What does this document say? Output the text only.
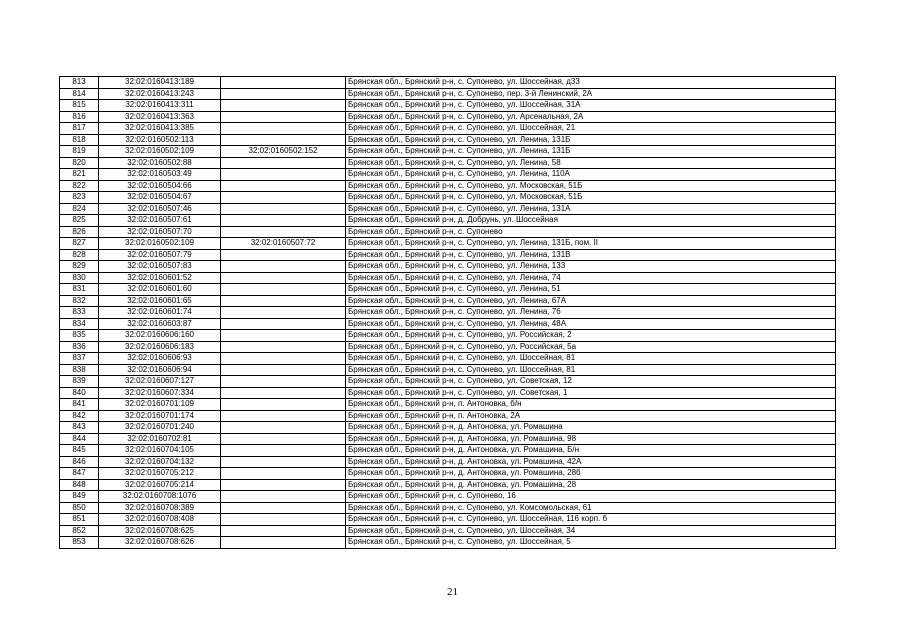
813	32:02:0160413:189		Брянская обл., Брянский р-н, с. Супонево, ул. Шоссейная, д33
814	32:02:0160413:243		Брянская обл., Брянский р-н, с. Супонево, пер. 3-й Ленинский, 2А
815	32:02:0160413:311		Брянская обл., Брянский р-н, с. Супонево, ул. Шоссейная, 31А
816	32:02:0160413:363		Брянская обл., Брянский р-н, с. Супонево, ул. Арсенальная, 2А
817	32:02:0160413:385		Брянская обл., Брянский р-н, с. Супонево, ул. Шоссейная, 21
818	32:02:0160502:113		Брянская обл., Брянский р-н, с. Супонево, ул. Ленина, 131Б
819	32:02:0160502:109	32:02:0160502:152	Брянская обл., Брянский р-н, с. Супонево, ул. Ленина, 131Б
820	32:02:0160502:88		Брянская обл., Брянский р-н, с. Супонево, ул. Ленина, 58
821	32:02:0160503:49		Брянская обл., Брянский р-н, с. Супонево, ул. Ленина, 110А
822	32:02:0160504:66		Брянская обл., Брянский р-н, с. Супонево, ул. Московская, 51Б
823	32:02:0160504:67		Брянская обл., Брянский р-н, с. Супонево, ул. Московская, 51Б
824	32:02:0160507:46		Брянская обл., Брянский р-н, с. Супонево, ул. Ленина, 131А
825	32:02:0160507:61		Брянская обл., Брянский р-н, д. Добрунь, ул. Шоссейная
826	32:02:0160507:70		Брянская обл., Брянский р-н, с. Супонево
827	32:02:0160502:109	32:02:0160507:72	Брянская обл., Брянский р-н, с. Супонево, ул. Ленина, 131Б, пом. II
828	32:02:0160507:79		Брянская обл., Брянский р-н, с. Супонево, ул. Ленина, 131В
829	32:02:0160507:83		Брянская обл., Брянский р-н, с. Супонево, ул. Ленина, 133
830	32:02:0160601:52		Брянская обл., Брянский р-н, с. Супонево, ул. Ленина, 74
831	32:02:0160601:60		Брянская обл., Брянский р-н, с. Супонево, ул. Ленина, 51
832	32:02:0160601:65		Брянская обл., Брянский р-н, с. Супонево, ул. Ленина, 67А
833	32:02:0160601:74		Брянская обл., Брянский р-н, с. Супонево, ул. Ленина, 76
834	32:02:0160603:87		Брянская обл., Брянский р-н, с. Супонево, ул. Ленина, 48А
835	32:02:0160606:160		Брянская обл., Брянский р-н, с. Супонево, ул. Российская, 2
836	32:02:0160606:183		Брянская обл., Брянский р-н, с. Супонево, ул. Российская, 5а
837	32:02:0160606:93		Брянская обл., Брянский р-н, с. Супонево, ул. Шоссейная, 81
838	32:02:0160606:94		Брянская обл., Брянский р-н, с. Супонево, ул. Шоссейная, 81
839	32:02:0160607:127		Брянская обл., Брянский р-н, с. Супонево, ул. Советская, 12
840	32:02:0160607:334		Брянская обл., Брянский р-н, с. Супонево, ул. Советская, 1
841	32:02:0160701:109		Брянская обл., Брянский р-н, п. Антоновка, б/н
842	32:02:0160701:174		Брянская обл., Брянский р-н, п. Антоновка, 2А
843	32:02:0160701:240		Брянская обл., Брянский р-н, д. Антоновка, ул. Ромашина
844	32:02:0160702:81		Брянская обл., Брянский р-н, д. Антоновка, ул. Ромашина, 98
845	32:02:0160704:105		Брянская обл., Брянский р-н, д. Антоновка, ул. Ромашина, Б/н
846	32:02:0160704:132		Брянская обл., Брянский р-н, д. Антоновка, ул. Ромашина, 42А
847	32:02:0160705:212		Брянская обл., Брянский р-н, д. Антоновка, ул. Ромашина, 28б
848	32:02:0160705:214		Брянская обл., Брянский р-н, д. Антоновка, ул. Ромашина, 28
849	32:02:0160708:1076		Брянская обл., Брянский р-н, с. Супонево, 16
850	32:02:0160708:389		Брянская обл., Брянский р-н, с. Супонево, ул. Комсомольская, 61
851	32:02:0160708:408		Брянская обл., Брянский р-н, с. Супонево, ул. Шоссейная, 116 корп. б
852	32:02:0160708:625		Брянская обл., Брянский р-н, с. Супонево, ул. Шоссейная, 34
853	32:02:0160708:626		Брянская обл., Брянский р-н, с. Супонево, ул. Шоссейная, 5
21
